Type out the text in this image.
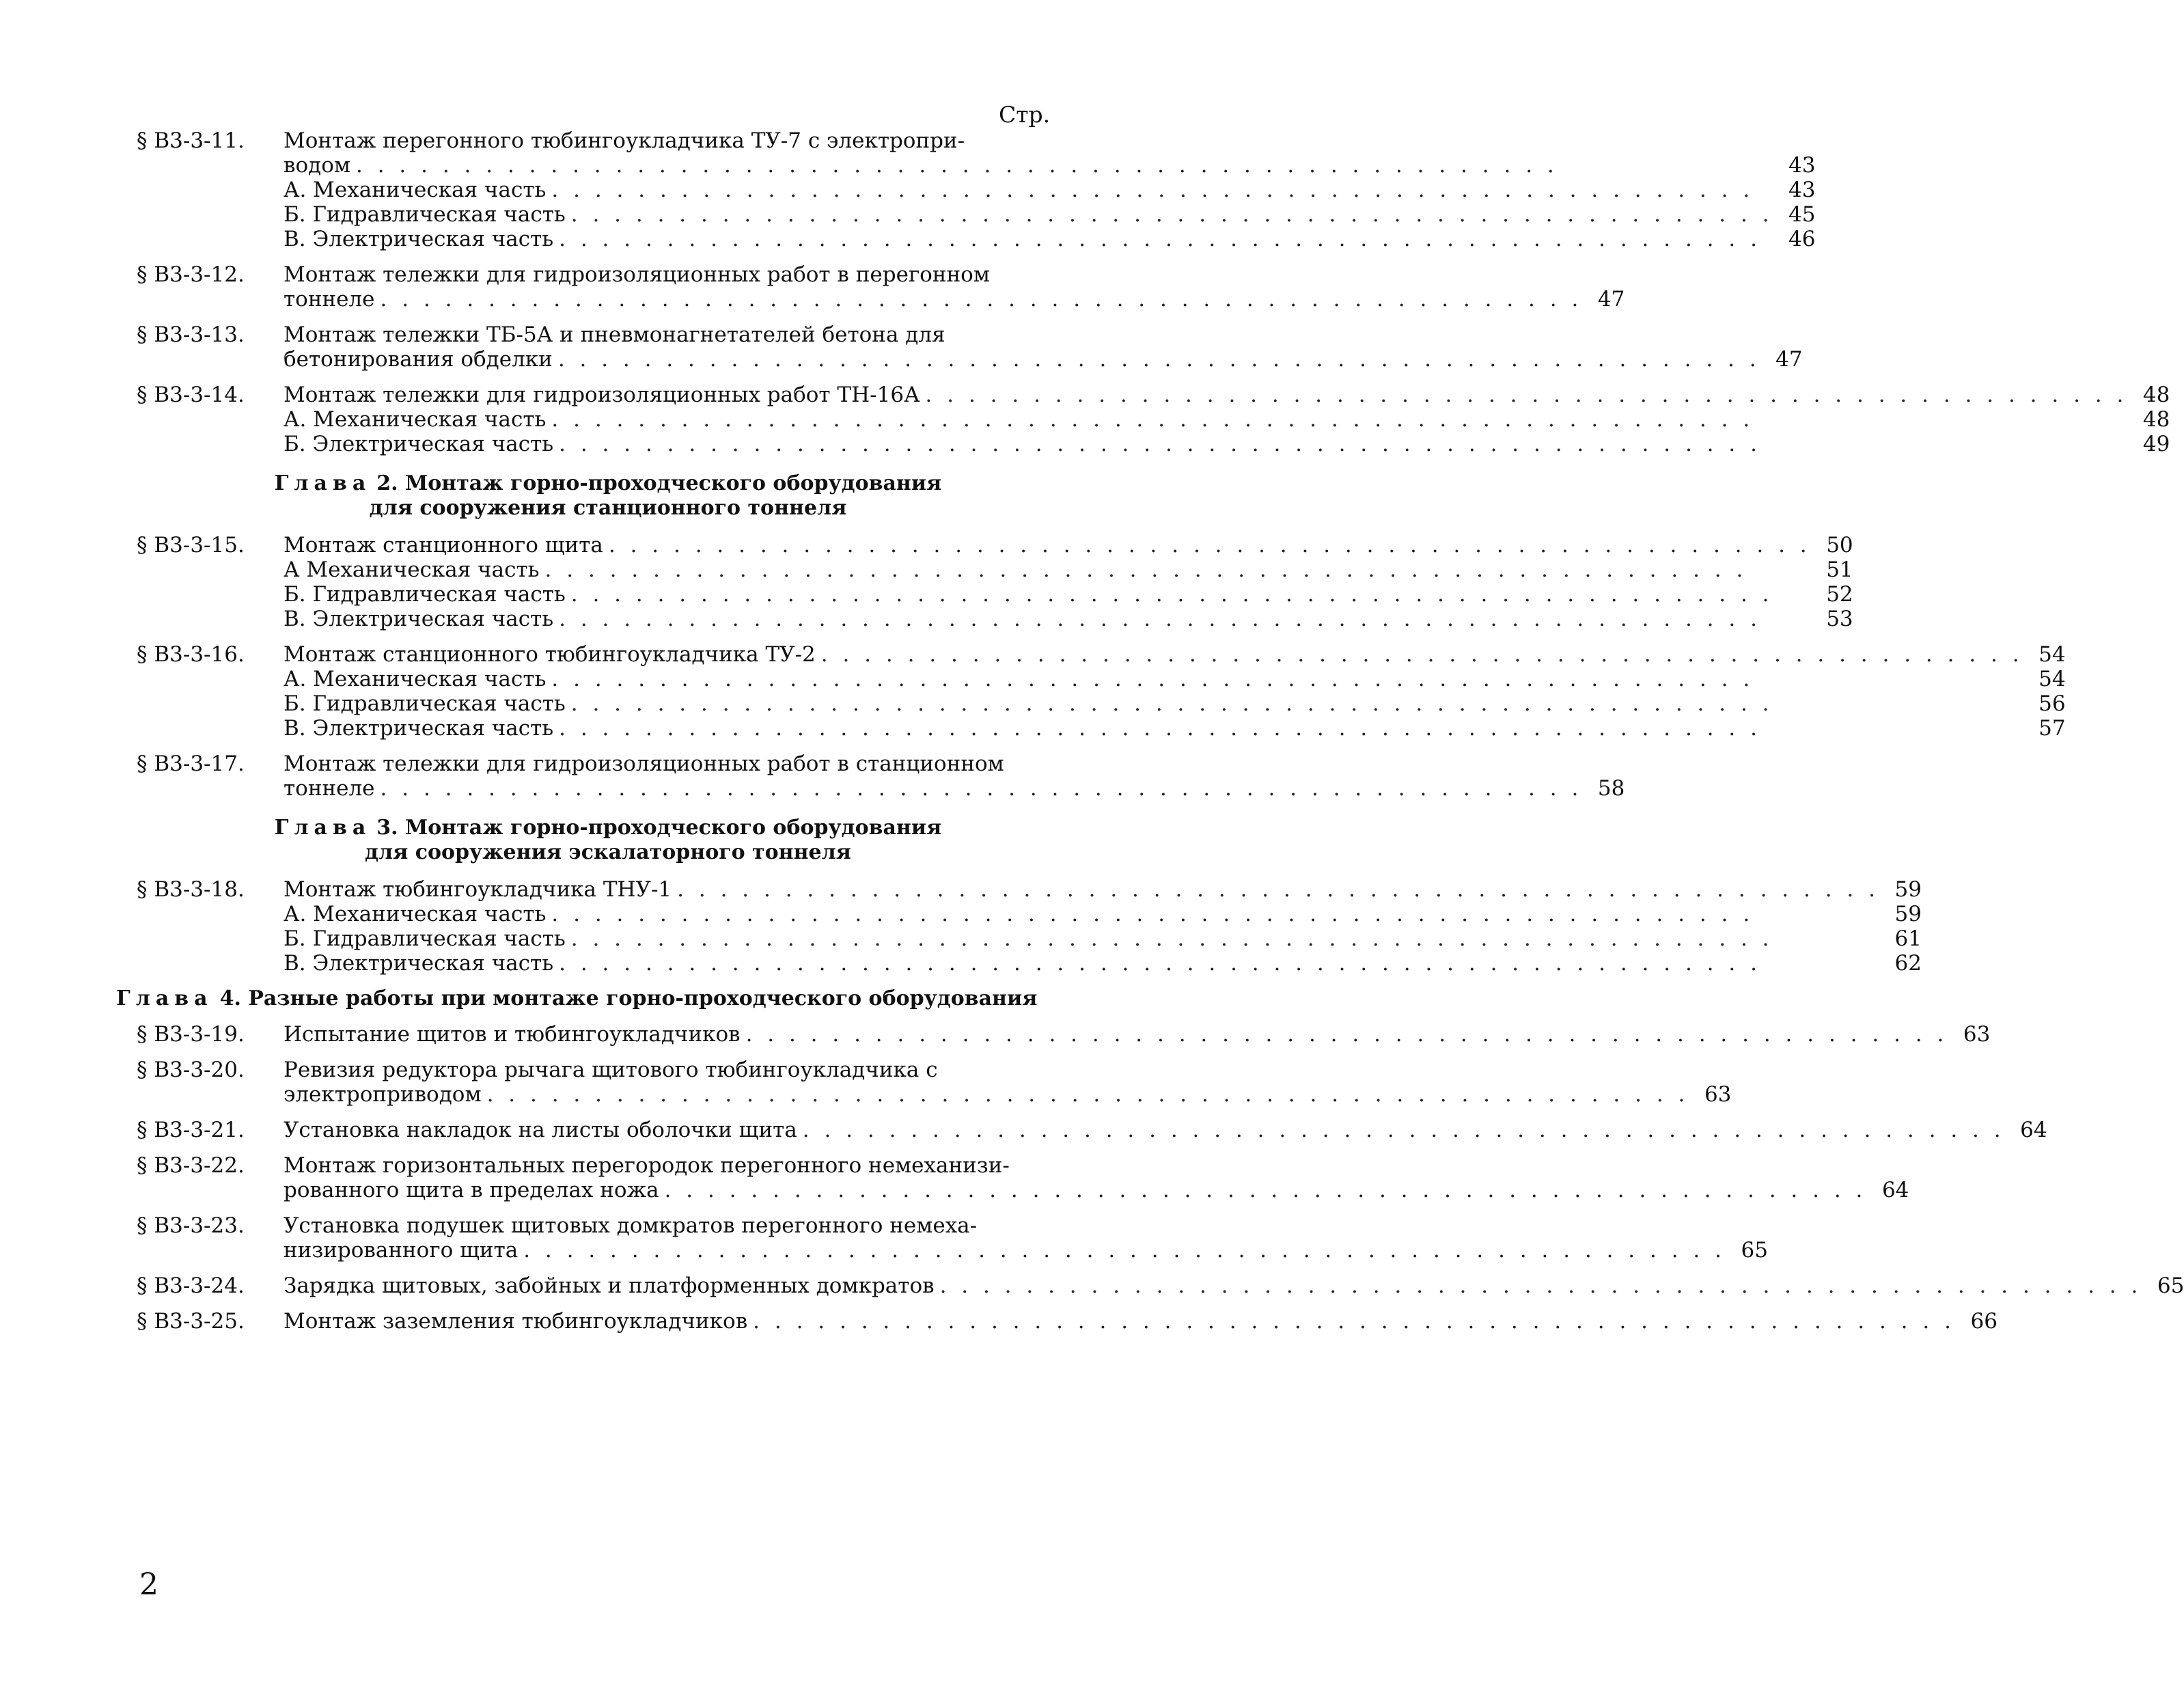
Стр.
§ В3-3-11.	Монтаж перегонного тюбингоукладчика ТУ-7 с электропри-
водом . . .	43
А. Механическая часть . . .	43
Б. Гидравлическая часть . . .	45
В. Электрическая часть . . .	46
§ В3-3-12.	Монтаж тележки для гидроизоляционных работ в перегонном
тоннеле . . .	47
§ В3-3-13.	Монтаж тележки ТБ-5А и пневмонагнетателей бетона для
бетонирования обделки . . .	47
§ В3-3-14.	Монтаж тележки для гидроизоляционных работ ТН-16А . . .	48
А. Механическая часть . . .	48
Б. Электрическая часть . . .	49
Глава 2. Монтаж горно-проходческого оборудования
для сооружения станционного тоннеля
§ В3-3-15.	Монтаж станционного щита . . .	50
А Механическая часть . . .	51
Б. Гидравлическая часть . . .	52
В. Электрическая часть . . .	53
§ В3-3-16.	Монтаж станционного тюбингоукладчика ТУ-2 . . .	54
А. Механическая часть . . .	54
Б. Гидравлическая часть . . .	56
В. Электрическая часть . . .	57
§ В3-3-17.	Монтаж тележки для гидроизоляционных работ в станционном
тоннеле . . .	58
Глава 3. Монтаж горно-проходческого оборудования
для сооружения эскалаторного тоннеля
§ В3-3-18.	Монтаж тюбингоукладчика ТНУ-1 . . .	59
А. Механическая часть . . .	59
Б. Гидравлическая часть . . .	61
В. Электрическая часть . . .	62
Глава 4. Разные работы при монтаже горно-проходческого оборудования
§ В3-3-19.	Испытание щитов и тюбингоукладчиков . . .	63
§ В3-3-20.	Ревизия редуктора рычага щитового тюбингоукладчика с
электроприводом . . .	63
§ В3-3-21.	Установка накладок на листы оболочки щита . . .	64
§ В3-3-22.	Монтаж горизонтальных перегородок перегонного немеханизи-
рованного щита в пределах ножа . . .	64
§ В3-3-23.	Установка подушек щитовых домкратов перегонного немеха-
низированного щита . . .	65
§ В3-3-24.	Зарядка щитовых, забойных и платформенных домкратов . . .	65
§ В3-3-25.	Монтаж заземления тюбингоукладчиков . . .	66
2
